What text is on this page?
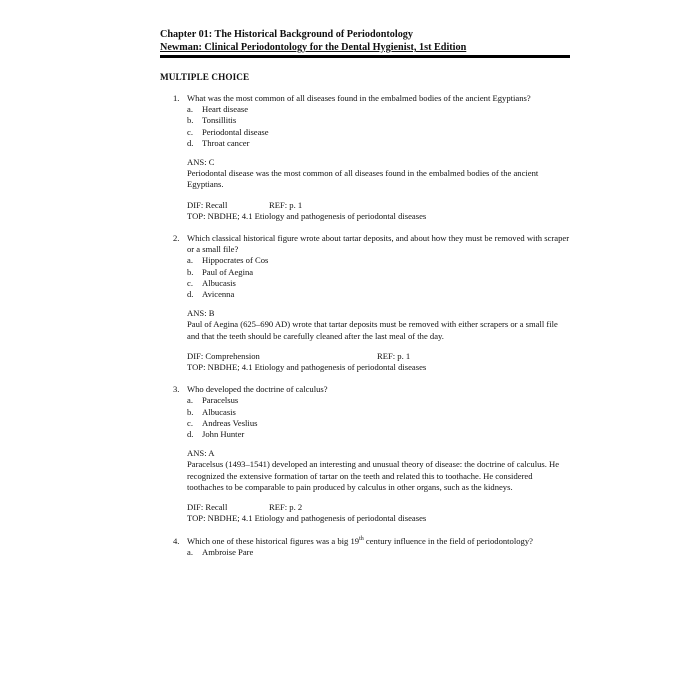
Chapter 01: The Historical Background of Periodontology
Newman: Clinical Periodontology for the Dental Hygienist, 1st Edition
MULTIPLE CHOICE
1. What was the most common of all diseases found in the embalmed bodies of the ancient Egyptians?
a.	Heart disease
b. Tonsillitis
c.	Periodontal disease
d. Throat cancer
ANS: C
Periodontal disease was the most common of all diseases found in the embalmed bodies of the ancient Egyptians.
DIF: Recall	REF: p. 1
TOP: NBDHE; 4.1 Etiology and pathogenesis of periodontal diseases
2. Which classical historical figure wrote about tartar deposits, and about how they must be removed with scraper or a small file?
a.	Hippocrates of Cos
b. Paul of Aegina
c.	Albucasis
d. Avicenna
ANS: B
Paul of Aegina (625–690 AD) wrote that tartar deposits must be removed with either scrapers or a small file and that the teeth should be carefully cleaned after the last meal of the day.
DIF: Comprehension	REF: p. 1
TOP: NBDHE; 4.1 Etiology and pathogenesis of periodontal diseases
3. Who developed the doctrine of calculus?
a.	Paracelsus
b. Albucasis
c.	Andreas Veslius
d. John Hunter
ANS: A
Paracelsus (1493–1541) developed an interesting and unusual theory of disease: the doctrine of calculus. He recognized the extensive formation of tartar on the teeth and related this to toothache. He considered toothaches to be comparable to pain produced by calculus in other organs, such as the kidneys.
DIF: Recall	REF: p. 2
TOP: NBDHE; 4.1 Etiology and pathogenesis of periodontal diseases
4. Which one of these historical figures was a big 19th century influence in the field of periodontology?
a.	Ambroise Pare
